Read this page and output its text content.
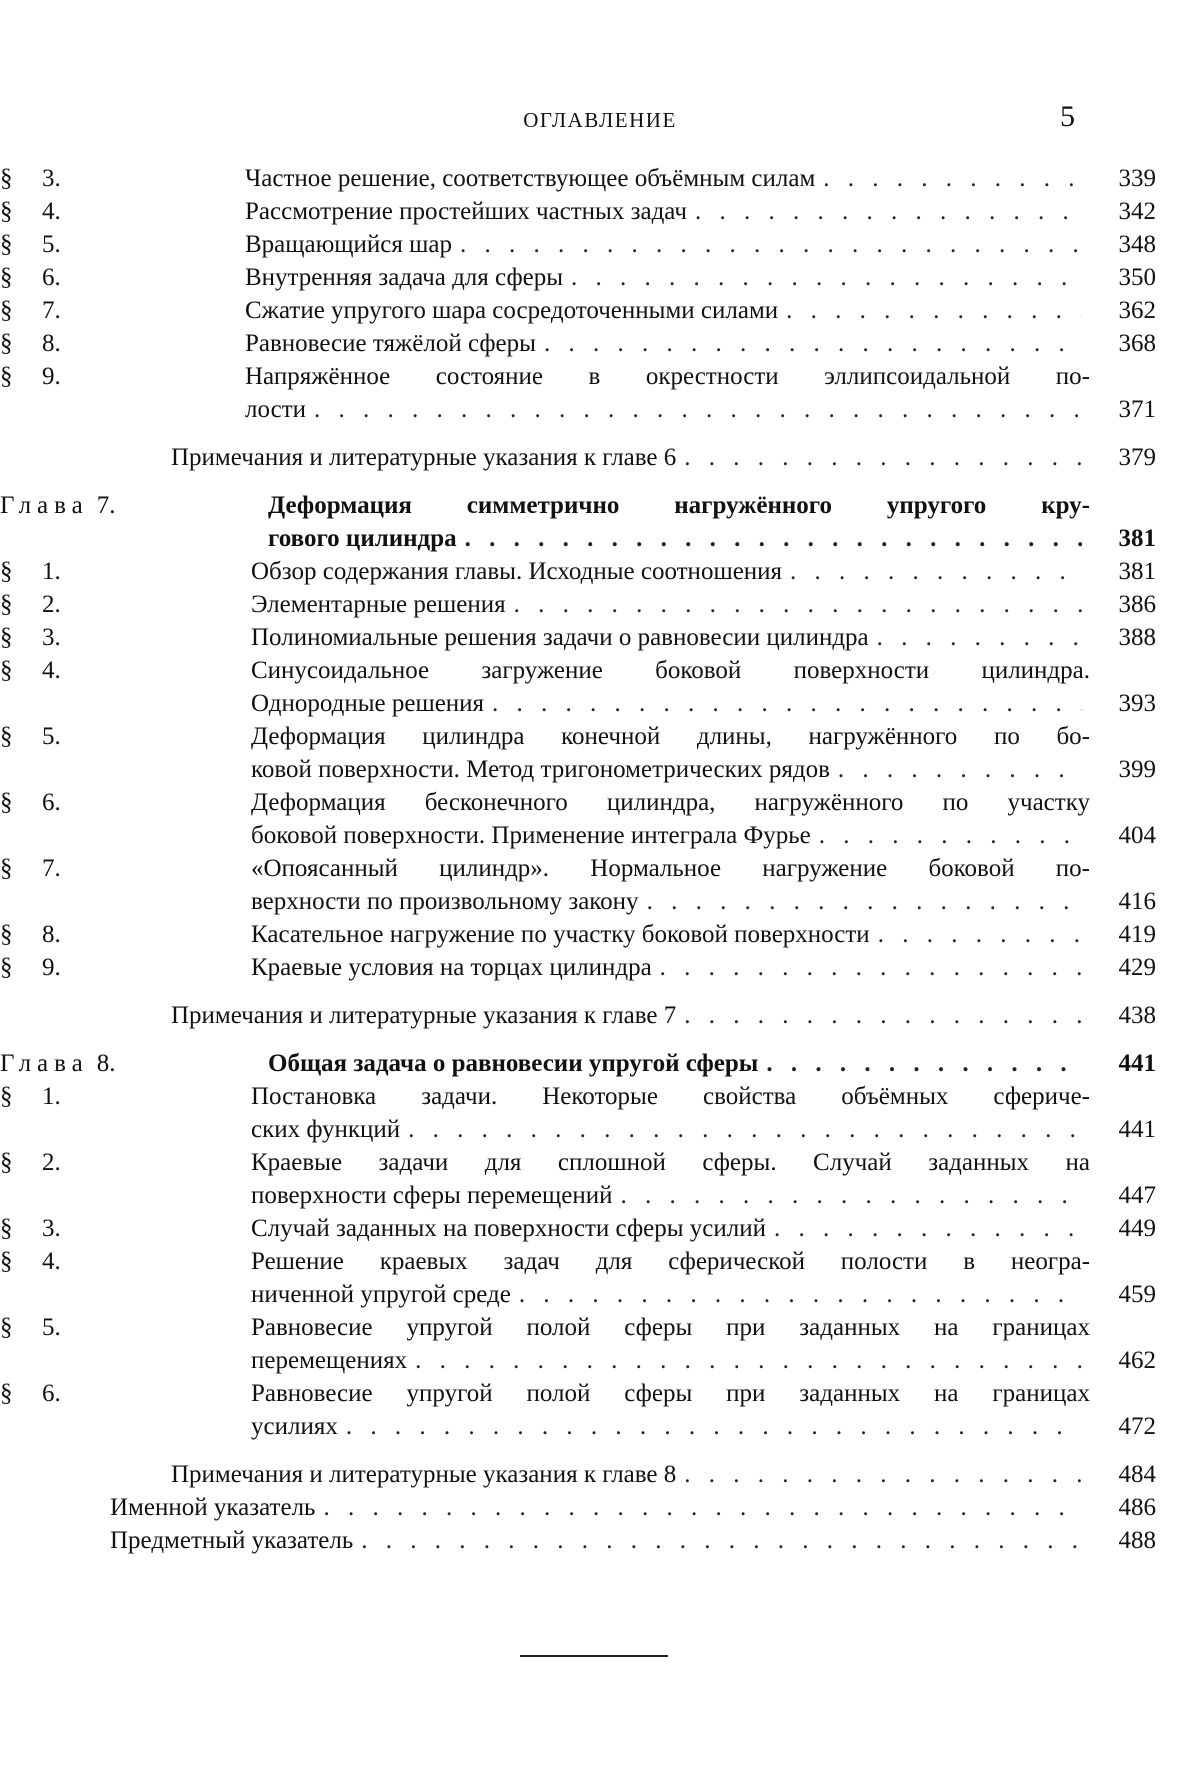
ОГЛАВЛЕНИЕ	5
§	3.	Частное решение, соответствующее объёмным силам . . .	339
§	4.	Рассмотрение простейших частных задач . . .	342
§	5.	Вращающийся шар . . .	348
§	6.	Внутренняя задача для сферы . . .	350
§	7.	Сжатие упругого шара сосредоточенными силами . . .	362
§	8.	Равновесие тяжёлой сферы . . .	368
§	9.	Напряжённое состояние в окрестности эллипсоидальной по-
лости . . .	371
Примечания и литературные указания к главе 6 . . .	379
Глава 7.	Деформация симметрично нагружённого упругого кру-
гового цилиндра . . .	381
§	1.	Обзор содержания главы. Исходные соотношения . . .	381
§	2.	Элементарные решения . . .	386
§	3.	Полиномиальные решения задачи о равновесии цилиндра . . .	388
§	4.	Синусоидальное загружение боковой поверхности цилиндра.
Однородные решения . . .	393
§	5.	Деформация цилиндра конечной длины, нагружённого по бо-
ковой поверхности. Метод тригонометрических рядов . . .	399
§	6.	Деформация бесконечного цилиндра, нагружённого по участку
боковой поверхности. Применение интеграла Фурье . . .	404
§	7.	«Опоясанный цилиндр». Нормальное нагружение боковой по-
верхности по произвольному закону . . .	416
§	8.	Касательное нагружение по участку боковой поверхности . . .	419
§	9.	Краевые условия на торцах цилиндра . . .	429
Примечания и литературные указания к главе 7 . . .	438
Глава 8.	Общая задача о равновесии упругой сферы . . .	441
§	1.	Постановка задачи. Некоторые свойства объёмных сфериче-
ских функций . . .	441
§	2.	Краевые задачи для сплошной сферы. Случай заданных на
поверхности сферы перемещений . . .	447
§	3.	Случай заданных на поверхности сферы усилий . . .	449
§	4.	Решение краевых задач для сферической полости в неогра-
ниченной упругой среде . . .	459
§	5.	Равновесие упругой полой сферы при заданных на границах
перемещениях . . .	462
§	6.	Равновесие упругой полой сферы при заданных на границах
усилиях . . .	472
Примечания и литературные указания к главе 8 . . .	484
Именной указатель . . .	486
Предметный указатель . . .	488
